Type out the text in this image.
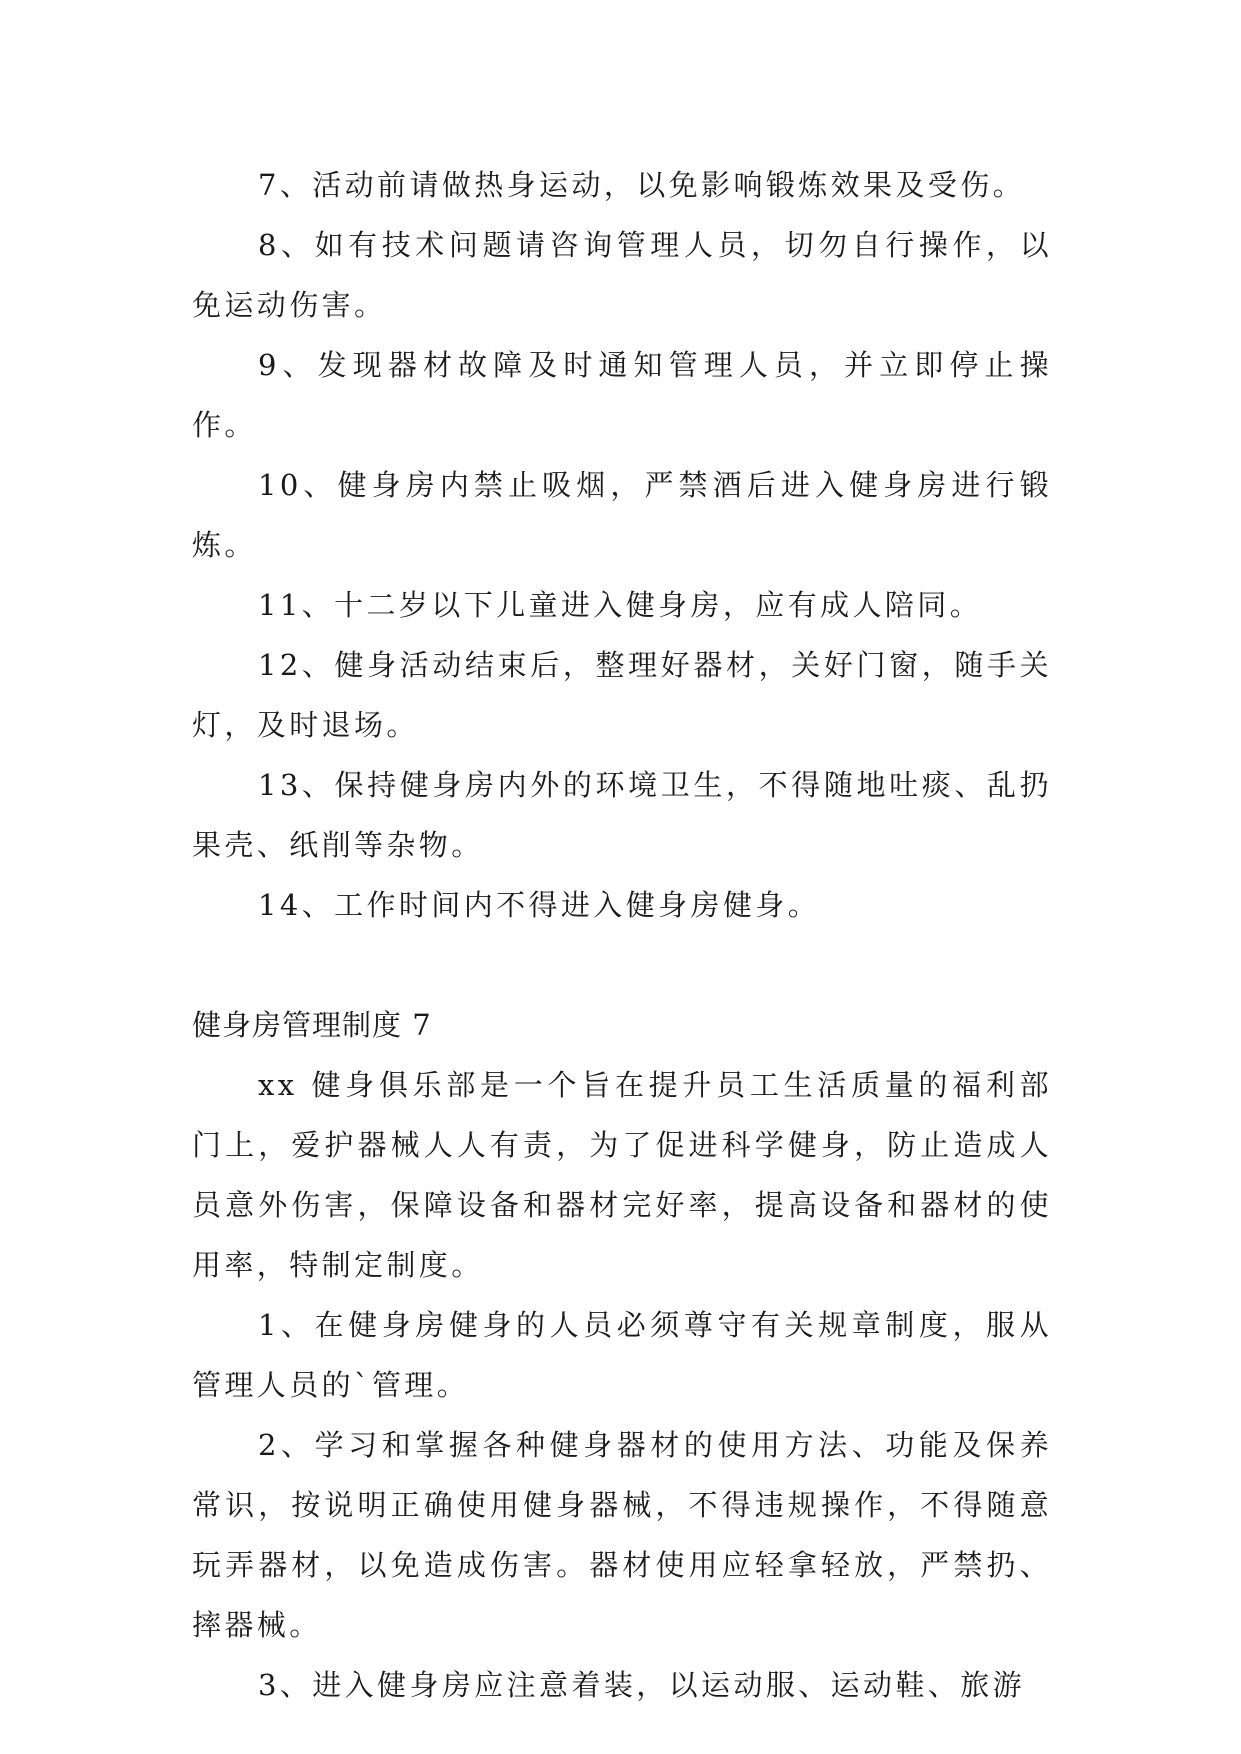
7、活动前请做热身运动，以免影响锻炼效果及受伤。

8、如有技术问题请咨询管理人员，切勿自行操作，以免运动伤害。

9、发现器材故障及时通知管理人员，并立即停止操作。

10、健身房内禁止吸烟，严禁酒后进入健身房进行锻炼。

11、十二岁以下儿童进入健身房，应有成人陪同。

12、健身活动结束后，整理好器材，关好门窗，随手关灯，及时退场。

13、保持健身房内外的环境卫生，不得随地吐痰、乱扔果壳、纸削等杂物。

14、工作时间内不得进入健身房健身。

健身房管理制度 7

xx 健身俱乐部是一个旨在提升员工生活质量的福利部门上，爱护器械人人有责，为了促进科学健身，防止造成人员意外伤害，保障设备和器材完好率，提高设备和器材的使用率，特制定制度。

1、在健身房健身的人员必须尊守有关规章制度，服从管理人员的`管理。

2、学习和掌握各种健身器材的使用方法、功能及保养常识，按说明正确使用健身器械，不得违规操作，不得随意玩弄器材，以免造成伤害。器材使用应轻拿轻放，严禁扔、摔器械。

3、进入健身房应注意着装，以运动服、运动鞋、旅游
